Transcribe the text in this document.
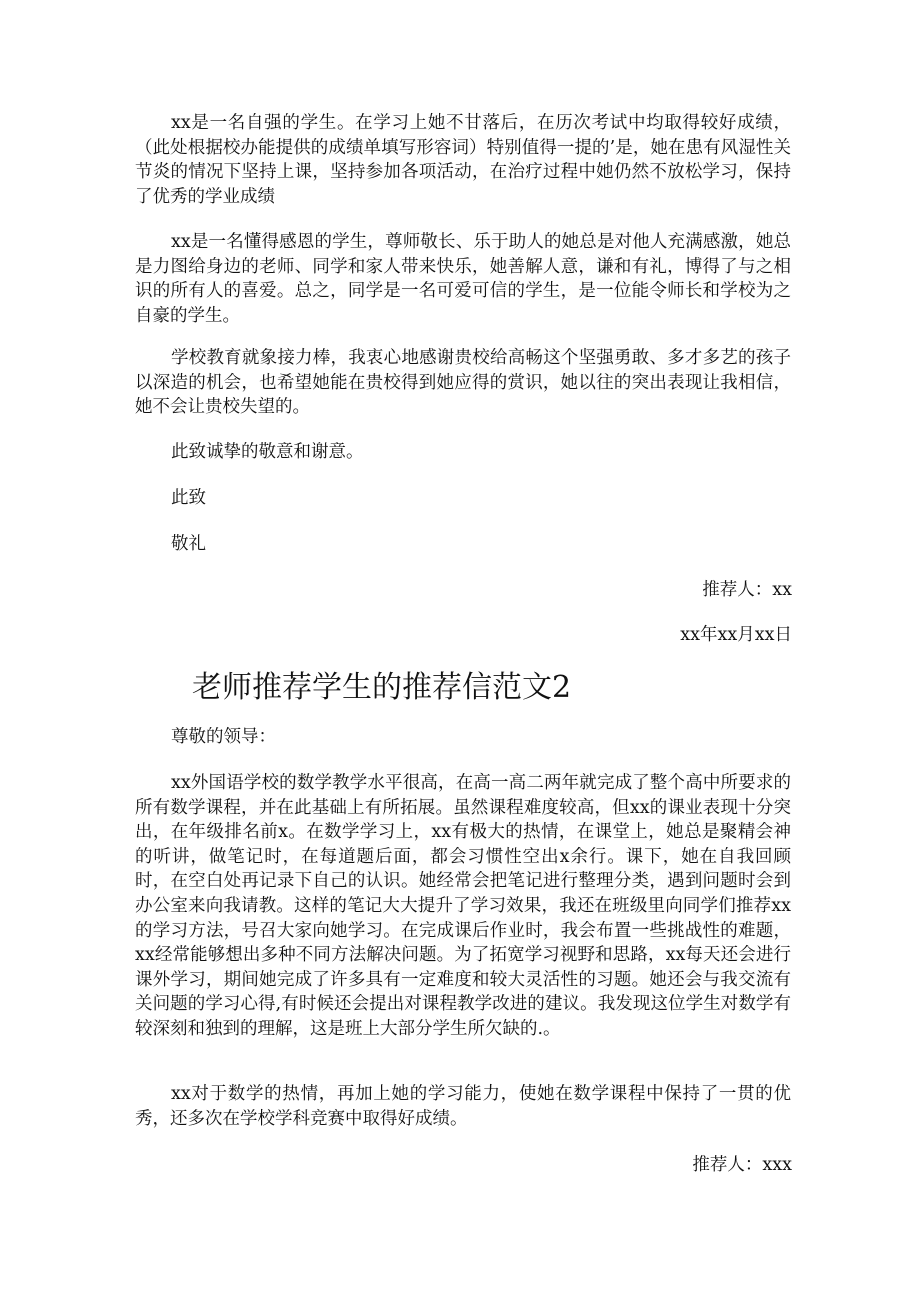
xx是一名自强的学生。在学习上她不甘落后，在历次考试中均取得较好成绩，（此处根据校办能提供的成绩单填写形容词）特别值得一提的’是，她在患有风湿性关节炎的情况下坚持上课，坚持参加各项活动，在治疗过程中她仍然不放松学习，保持了优秀的学业成绩

xx是一名懂得感恩的学生，尊师敬长、乐于助人的她总是对他人充满感激，她总是力图给身边的老师、同学和家人带来快乐，她善解人意，谦和有礼，博得了与之相识的所有人的喜爱。总之，同学是一名可爱可信的学生，是一位能令师长和学校为之自豪的学生。

学校教育就象接力棒，我衷心地感谢贵校给高畅这个坚强勇敢、多才多艺的孩子以深造的机会，也希望她能在贵校得到她应得的赏识，她以往的突出表现让我相信，她不会让贵校失望的。

此致诚挚的敬意和谢意。

此致

敬礼

推荐人：xx

xx年xx月xx日

老师推荐学生的推荐信范文2

尊敬的领导：

xx外国语学校的数学教学水平很高，在高一高二两年就完成了整个高中所要求的所有数学课程，并在此基础上有所拓展。虽然课程难度较高，但xx的课业表现十分突出，在年级排名前x。在数学学习上，xx有极大的热情，在课堂上，她总是聚精会神的听讲，做笔记时，在每道题后面，都会习惯性空出x余行。课下，她在自我回顾时，在空白处再记录下自己的认识。她经常会把笔记进行整理分类，遇到问题时会到办公室来向我请教。这样的笔记大大提升了学习效果，我还在班级里向同学们推荐xx的学习方法，号召大家向她学习。在完成课后作业时，我会布置一些挑战性的难题，xx经常能够想出多种不同方法解决问题。为了拓宽学习视野和思路，xx每天还会进行课外学习，期间她完成了许多具有一定难度和较大灵活性的习题。她还会与我交流有关问题的学习心得,有时候还会提出对课程教学改进的建议。我发现这位学生对数学有较深刻和独到的理解，这是班上大部分学生所欠缺的.。

xx对于数学的热情，再加上她的学习能力，使她在数学课程中保持了一贯的优秀，还多次在学校学科竞赛中取得好成绩。

推荐人：xxx
